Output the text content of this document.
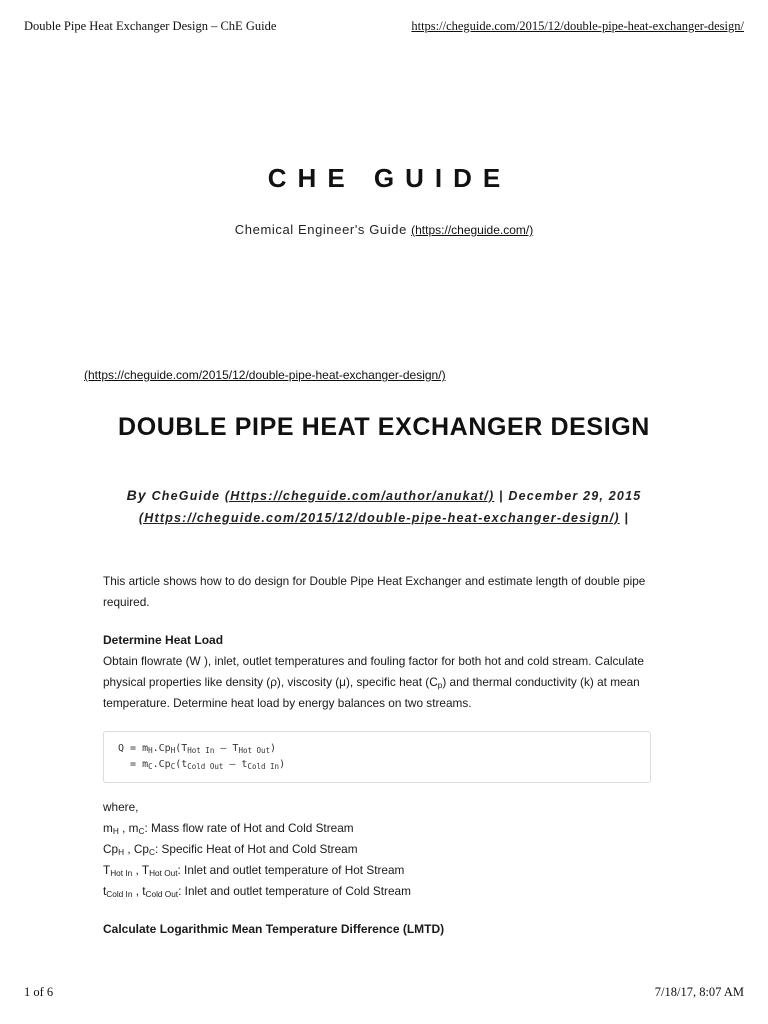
Double Pipe Heat Exchanger Design – ChE Guide	https://cheguide.com/2015/12/double-pipe-heat-exchanger-design/
CHE GUIDE
Chemical Engineer's Guide (https://cheguide.com/)
(https://cheguide.com/2015/12/double-pipe-heat-exchanger-design/)
DOUBLE PIPE HEAT EXCHANGER DESIGN
By CheGuide (Https://cheguide.com/author/anukat/) | December 29, 2015
(Https://cheguide.com/2015/12/double-pipe-heat-exchanger-design/) |

This article shows how to do design for Double Pipe Heat Exchanger and estimate length of double pipe required.

Determine Heat Load

Obtain flowrate (W ), inlet, outlet temperatures and fouling factor for both hot and cold stream. Calculate physical properties like density (ρ), viscosity (μ), specific heat $(C_p)$ and thermal conductivity (k) at mean temperature. Determine heat load by energy balances on two streams.

$Q = m_H.Cp_H(T_{Hot In} - T_{Hot Out})$
= $m_C.Cp_C(t_{Cold Out} - t_{Cold In})$

where,

$m_H$ , $m_C$: Mass flow rate of Hot and Cold Stream

$Cp_H$ , $Cp_C$: Specific Heat of Hot and Cold Stream

$T_{Hot In}$ , $T_{Hot Out}$: Inlet and outlet temperature of Hot Stream

$t_{Cold In}$ , $t_{Cold Out}$: Inlet and outlet temperature of Cold Stream

Calculate Logarithmic Mean Temperature Difference (LMTD)
1 of 6	7/18/17, 8:07 AM
